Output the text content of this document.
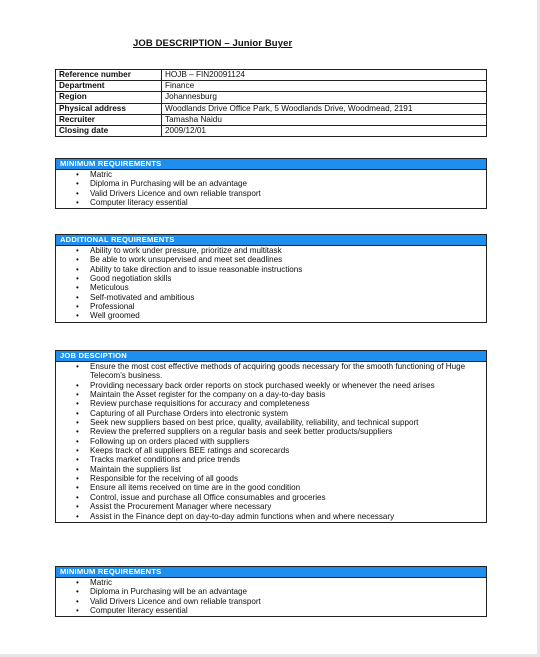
JOB DESCRIPTION – Junior Buyer
Reference number	HOJB – FIN20091124
Department	Finance
Region	Johannesburg
Physical address	Woodlands Drive Office Park, 5 Woodlands Drive, Woodmead, 2191
Recruiter	Tamasha Naidu
Closing date	2009/12/01
MINIMUM REQUIREMENTS
• Matric
• Diploma in Purchasing will be an advantage
• Valid Drivers Licence and own reliable transport
• Computer literacy essential
ADDITIONAL REQUIREMENTS
• Ability to work under pressure, prioritize and multitask
• Be able to work unsupervised and meet set deadlines
• Ability to take direction and to issue reasonable instructions
• Good negotiation skills
• Meticulous
• Self-motivated and ambitious
• Professional
• Well groomed
JOB DESCIPTION
• Ensure the most cost effective methods of acquiring goods necessary for the smooth functioning of Huge Telecom’s business.
• Providing necessary back order reports on stock purchased weekly or whenever the need arises
• Maintain the Asset register for the company on a day-to-day basis
• Review purchase requisitions for accuracy and completeness
• Capturing of all Purchase Orders into electronic system
• Seek new suppliers based on best price, quality, availability, reliability, and technical support
• Review the preferred suppliers on a regular basis and seek better products/suppliers
• Following up on orders placed with suppliers
• Keeps track of all suppliers BEE ratings and scorecards
• Tracks market conditions and price trends
• Maintain the suppliers list
• Responsible for the receiving of all goods
• Ensure all items received on time are in the good condition
• Control, issue and purchase all Office consumables and groceries
• Assist the Procurement Manager where necessary
• Assist in the Finance dept on day-to-day admin functions when and where necessary
MINIMUM REQUIREMENTS
• Matric
• Diploma in Purchasing will be an advantage
• Valid Drivers Licence and own reliable transport
• Computer literacy essential
